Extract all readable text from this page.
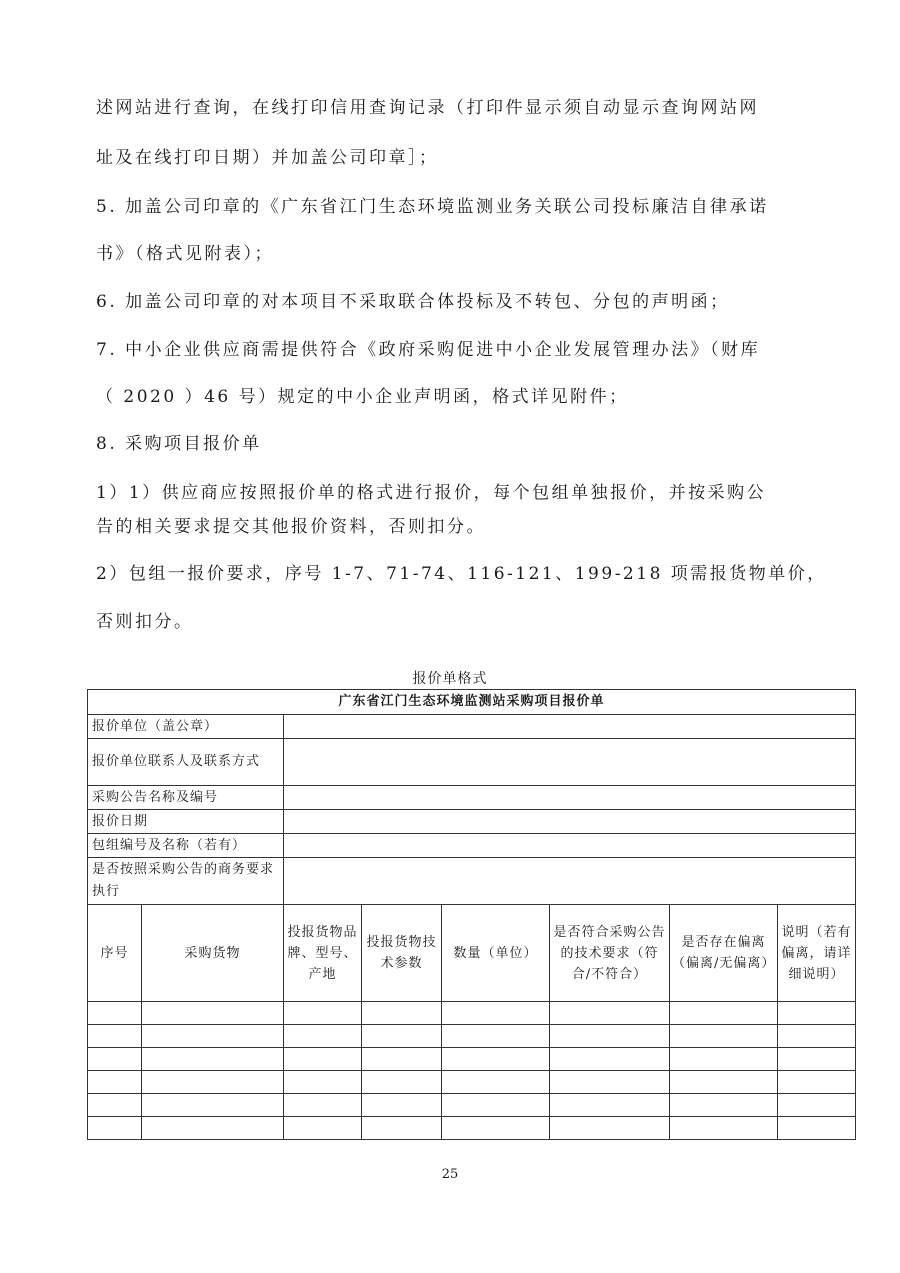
述网站进行查询，在线打印信用查询记录（打印件显示须自动显示查询网站网
址及在线打印日期）并加盖公司印章］；
5. 加盖公司印章的《广东省江门生态环境监测业务关联公司投标廉洁自律承诺
书》（格式见附表）；
6. 加盖公司印章的对本项目不采取联合体投标及不转包、分包的声明函；
7. 中小企业供应商需提供符合《政府采购促进中小企业发展管理办法》（财库
（ 2020 ）46 号）规定的中小企业声明函，格式详见附件；
8. 采购项目报价单
1）1）供应商应按照报价单的格式进行报价，每个包组单独报价，并按采购公
告的相关要求提交其他报价资料，否则扣分。
2）包组一报价要求，序号 1-7、71-74、116-121、199-218 项需报货物单价，
否则扣分。
报价单格式
广东省江门生态环境监测站采购项目报价单							
报价单位（盖公章）							
报价单位联系人及联系方式							
采购公告名称及编号							
报价日期							
包组编号及名称（若有）							
是否按照采购公告的商务要求执行							
序号	采购货物	投报货物品牌、型号、产地	投报货物技术参数	数量（单位）	是否符合采购公告的技术要求（符合/不符合）	是否存在偏离（偏离/无偏离）	说明（若有偏离，请详细说明）

25
